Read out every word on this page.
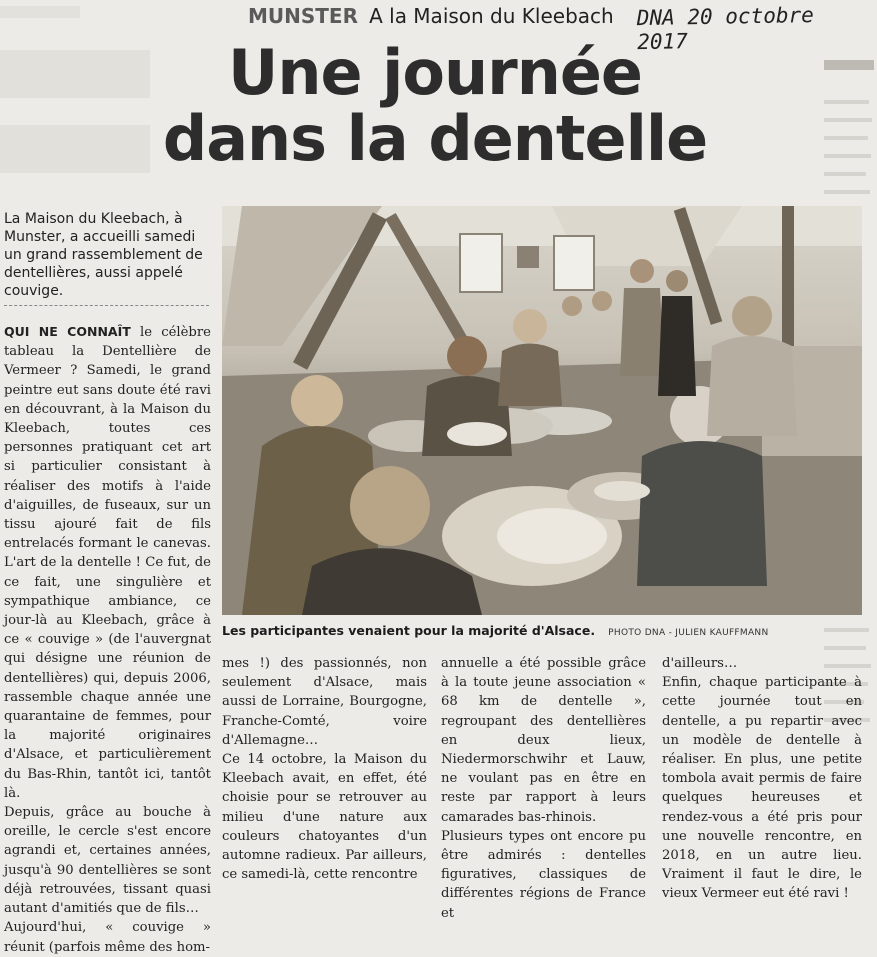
MUNSTER A la Maison du Kleebach DNA 20 octobre 2017
Une journée
dans la dentelle
La Maison du Kleebach, à Munster, a accueilli samedi un grand rassemblement de dentellières, aussi appelé couvige.
Les participantes venaient pour la majorité d'Alsace. PHOTO DNA - JULIEN KAUFFMANN

QUI NE CONNAÎT le célèbre tableau la Dentellière de Vermeer ? Samedi, le grand peintre eut sans doute été ravi en découvrant, à la Maison du Kleebach, toutes ces personnes pratiquant cet art si particulier consistant à réaliser des motifs à l'aide d'aiguilles, de fuseaux, sur un tissu ajouré fait de fils entrelacés formant le canevas. L'art de la dentelle ! Ce fut, de ce fait, une singulière et sympathique ambiance, ce jour-là au Kleebach, grâce à ce « couvige » (de l'auvergnat qui désigne une réunion de dentellières) qui, depuis 2006, rassemble chaque année une quarantaine de femmes, pour la majorité originaires d'Alsace, et particulièrement du Bas-Rhin, tantôt ici, tantôt là.

Depuis, grâce au bouche à oreille, le cercle s'est encore agrandi et, certaines années, jusqu'à 90 dentellières se sont déjà retrouvées, tissant quasi autant d'amitiés que de fils…

Aujourd'hui, « couvige » réunit (parfois même des hom-

mes !) des passionnés, non seulement d'Alsace, mais aussi de Lorraine, Bourgogne, Franche-Comté, voire d'Allemagne…

Ce 14 octobre, la Maison du Kleebach avait, en effet, été choisie pour se retrouver au milieu d'une nature aux couleurs chatoyantes d'un automne radieux. Par ailleurs, ce samedi-là, cette rencontre

annuelle a été possible grâce à la toute jeune association « 68 km de dentelle », regroupant des dentellières en deux lieux, Niedermorschwihr et Lauw, ne voulant pas en être en reste par rapport à leurs camarades bas-rhinois.

Plusieurs types ont encore pu être admirés : dentelles figuratives, classiques de différentes régions de France et

d'ailleurs…

Enfin, chaque participante à cette journée tout en dentelle, a pu repartir avec un modèle de dentelle à réaliser. En plus, une petite tombola avait permis de faire quelques heureuses et rendez-vous a été pris pour une nouvelle rencontre, en 2018, en un autre lieu. Vraiment il faut le dire, le vieux Vermeer eut été ravi !
